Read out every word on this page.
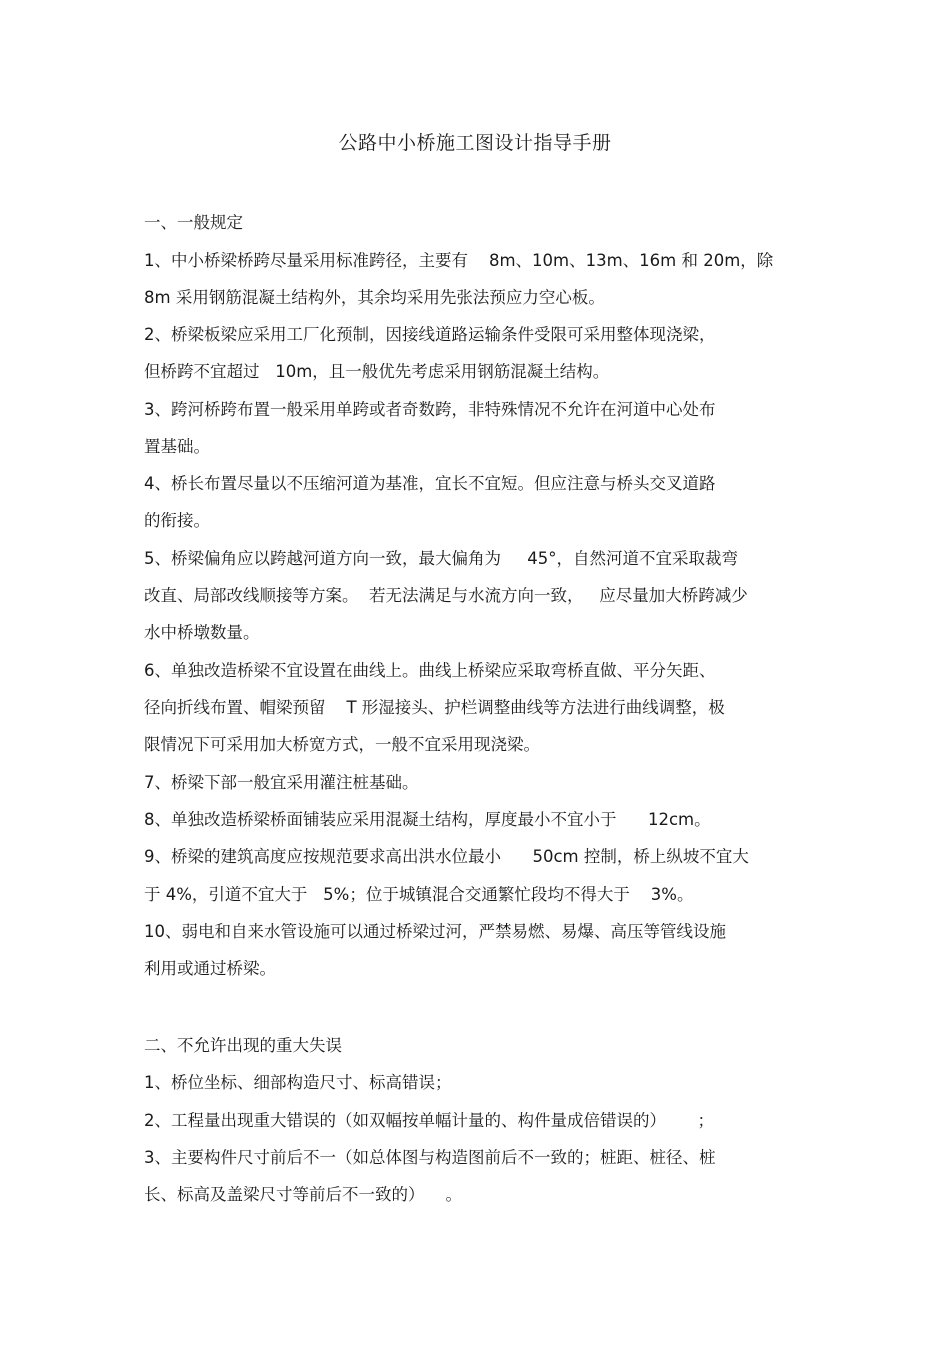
公路中小桥施工图设计指导手册
一、一般规定
1、中小桥梁桥跨尽量采用标准跨径，主要有    8m、10m、13m、16m 和 20m，除
8m 采用钢筋混凝土结构外，其余均采用先张法预应力空心板。
2、桥梁板梁应采用工厂化预制，因接线道路运输条件受限可采用整体现浇梁，
但桥跨不宜超过   10m，且一般优先考虑采用钢筋混凝土结构。
3、跨河桥跨布置一般采用单跨或者奇数跨，非特殊情况不允许在河道中心处布
置基础。
4、桥长布置尽量以不压缩河道为基准，宜长不宜短。但应注意与桥头交叉道路
的衔接。
5、桥梁偏角应以跨越河道方向一致，最大偏角为     45°，自然河道不宜采取裁弯
改直、局部改线顺接等方案。  若无法满足与水流方向一致，   应尽量加大桥跨减少
水中桥墩数量。
6、单独改造桥梁不宜设置在曲线上。曲线上桥梁应采取弯桥直做、平分矢距、
径向折线布置、帽梁预留    T 形湿接头、护栏调整曲线等方法进行曲线调整，极
限情况下可采用加大桥宽方式，一般不宜采用现浇梁。
7、桥梁下部一般宜采用灌注桩基础。
8、单独改造桥梁桥面铺装应采用混凝土结构，厚度最小不宜小于      12cm。
9、桥梁的建筑高度应按规范要求高出洪水位最小      50cm 控制，桥上纵坡不宜大
于 4%，引道不宜大于   5%；位于城镇混合交通繁忙段均不得大于    3%。
10、弱电和自来水管设施可以通过桥梁过河，严禁易燃、易爆、高压等管线设施
利用或通过桥梁。
二、不允许出现的重大失误
1、桥位坐标、细部构造尺寸、标高错误；
2、工程量出现重大错误的（如双幅按单幅计量的、构件量成倍错误的）      ；
3、主要构件尺寸前后不一（如总体图与构造图前后不一致的；桩距、桩径、桩
长、标高及盖梁尺寸等前后不一致的）    。
